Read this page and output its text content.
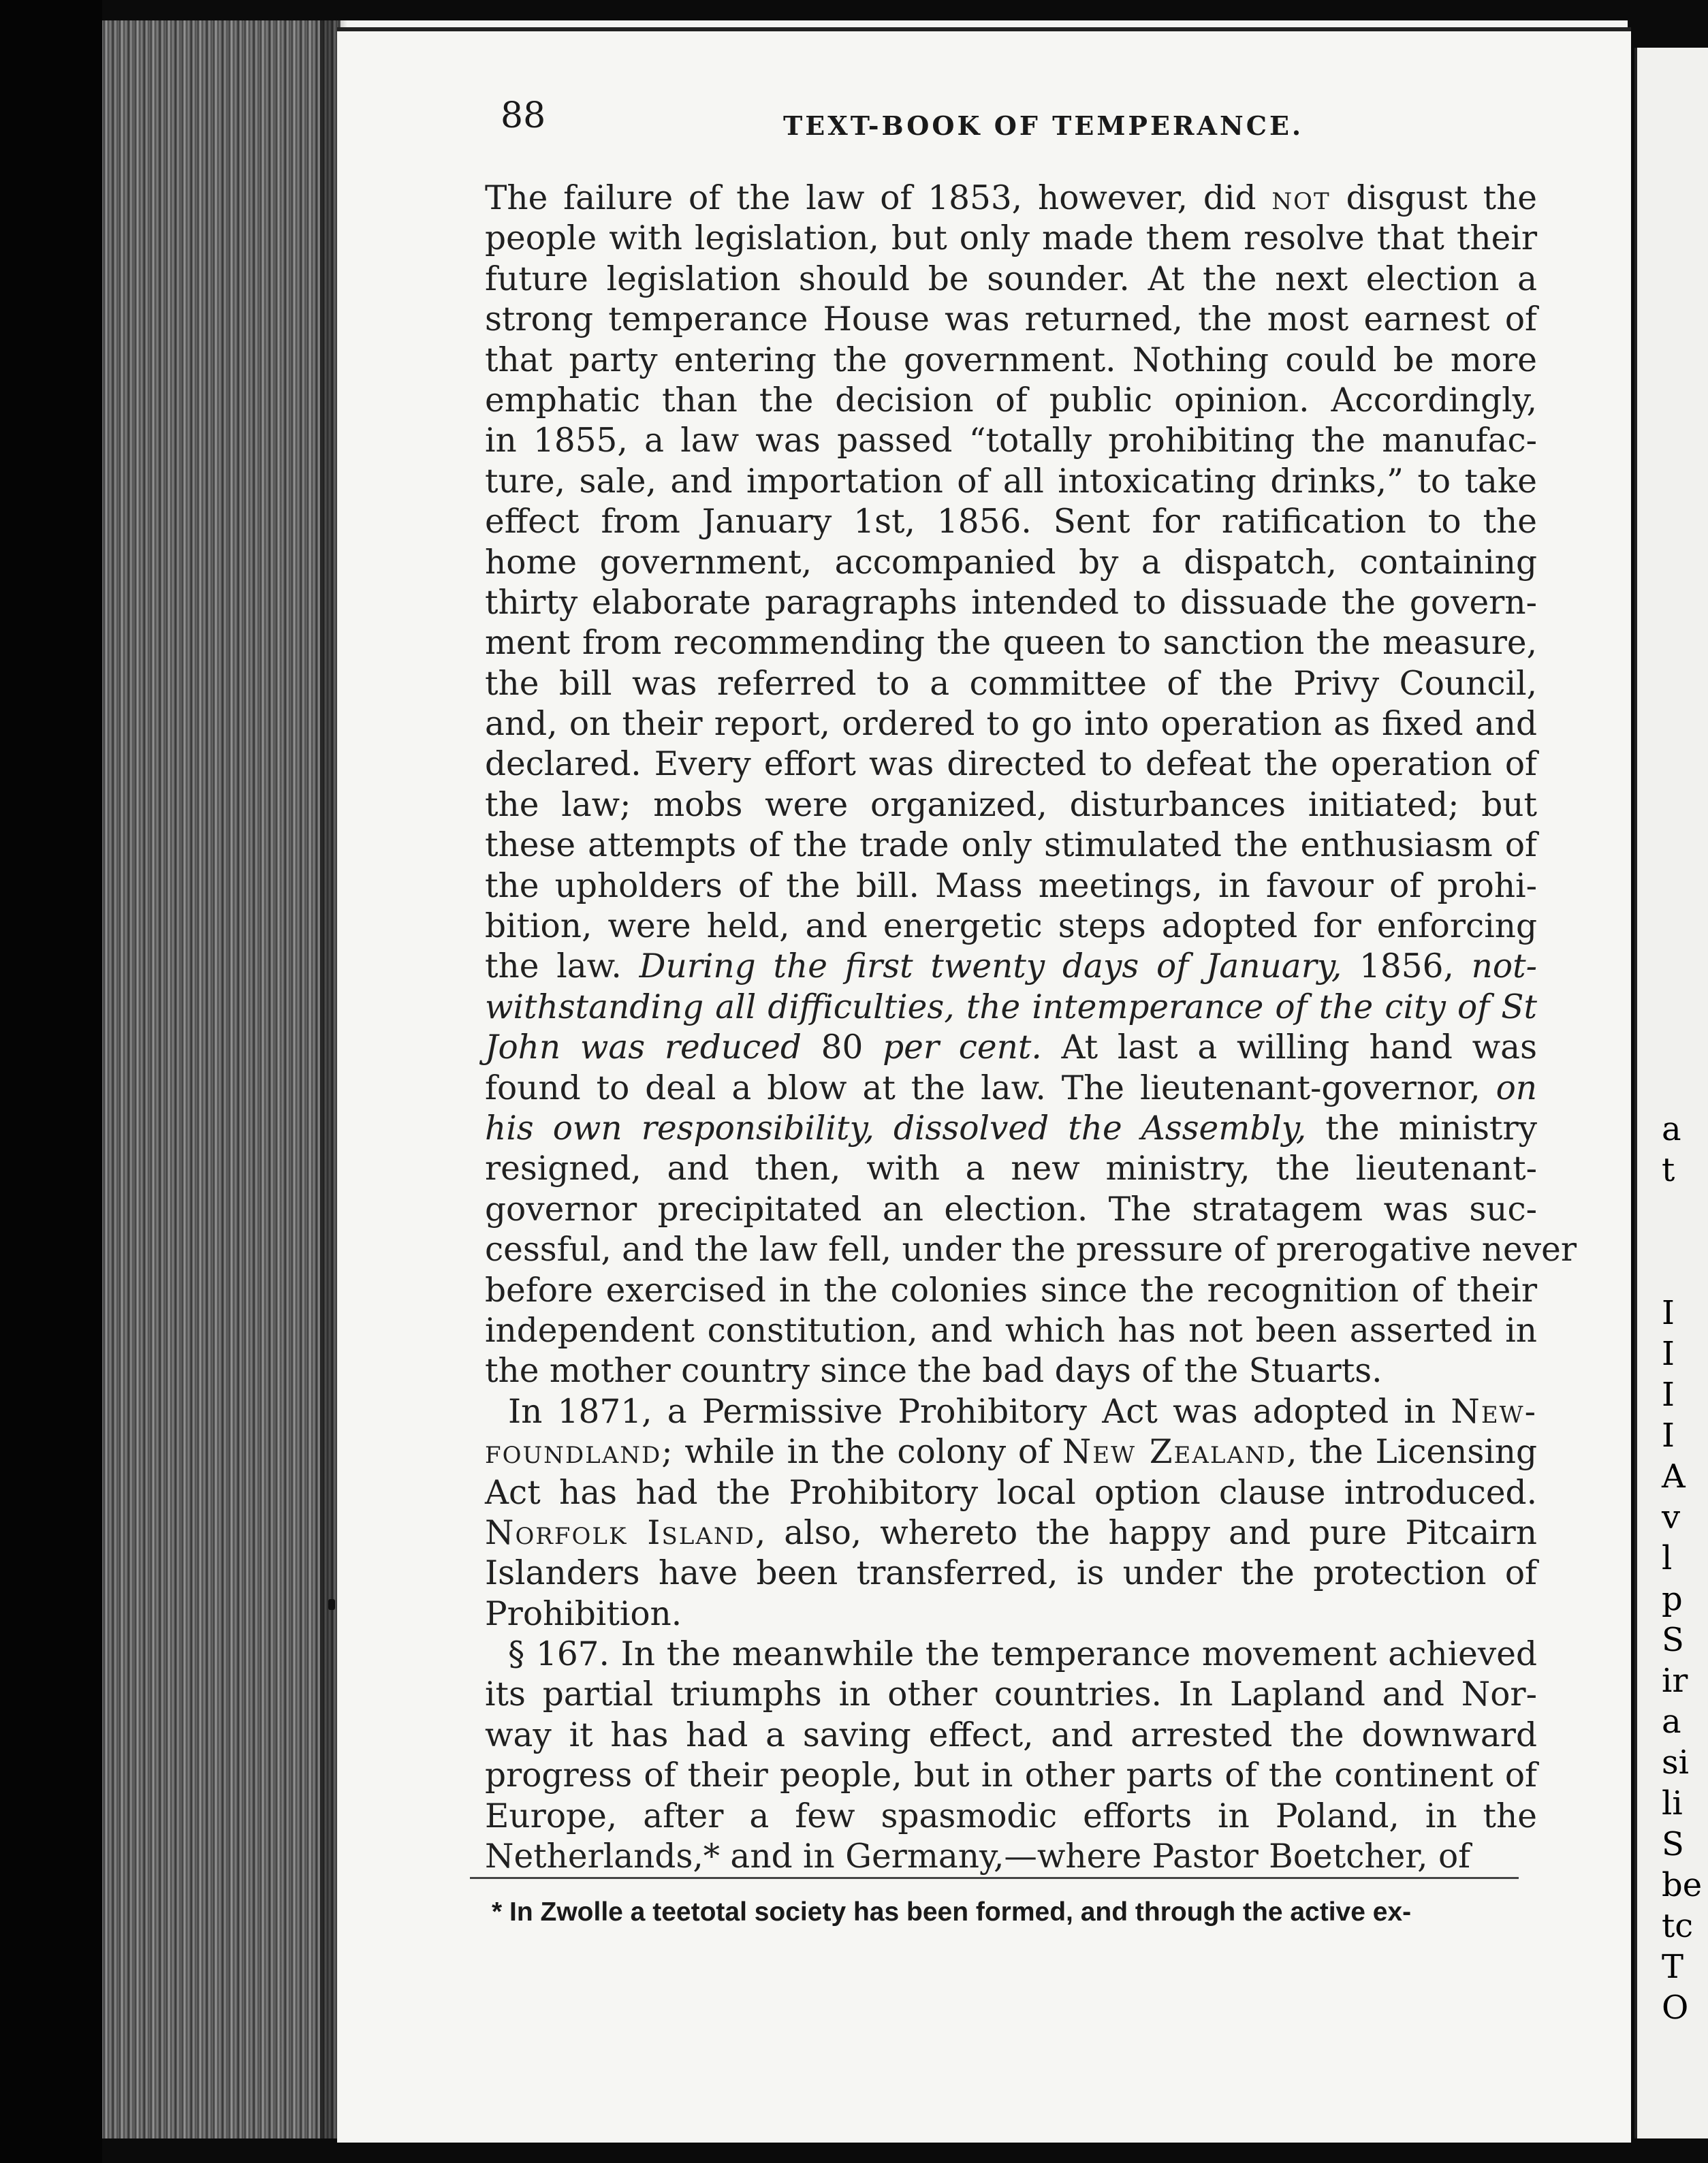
a
t
I
I
I
I
A
v
l
p
S
ir
a
si
li
S
be
tc
T
O
88	TEXT-BOOK OF TEMPERANCE.
The failure of the law of 1853, however, did not disgust the
people with legislation, but only made them resolve that their
future legislation should be sounder. At the next election a
strong temperance House was returned, the most earnest of
that party entering the government. Nothing could be more
emphatic than the decision of public opinion. Accordingly,
in 1855, a law was passed “totally prohibiting the manufac-
ture, sale, and importation of all intoxicating drinks,” to take
effect from January 1st, 1856. Sent for ratification to the
home government, accompanied by a dispatch, containing
thirty elaborate paragraphs intended to dissuade the govern-
ment from recommending the queen to sanction the measure,
the bill was referred to a committee of the Privy Council,
and, on their report, ordered to go into operation as fixed and
declared. Every effort was directed to defeat the operation of
the law; mobs were organized, disturbances initiated; but
these attempts of the trade only stimulated the enthusiasm of
the upholders of the bill. Mass meetings, in favour of prohi-
bition, were held, and energetic steps adopted for enforcing
the law. During the first twenty days of January, 1856, not-
withstanding all difficulties, the intemperance of the city of St
John was reduced 80 per cent. At last a willing hand was
found to deal a blow at the law. The lieutenant-governor, on
his own responsibility, dissolved the Assembly, the ministry
resigned, and then, with a new ministry, the lieutenant-
governor precipitated an election. The stratagem was suc-
cessful, and the law fell, under the pressure of prerogative never
before exercised in the colonies since the recognition of their
independent constitution, and which has not been asserted in
the mother country since the bad days of the Stuarts.
In 1871, a Permissive Prohibitory Act was adopted in New-
foundland; while in the colony of New Zealand, the Licensing
Act has had the Prohibitory local option clause introduced.
Norfolk Island, also, whereto the happy and pure Pitcairn
Islanders have been transferred, is under the protection of
Prohibition.
§ 167. In the meanwhile the temperance movement achieved
its partial triumphs in other countries. In Lapland and Nor-
way it has had a saving effect, and arrested the downward
progress of their people, but in other parts of the continent of
Europe, after a few spasmodic efforts in Poland, in the
Netherlands,* and in Germany,—where Pastor Boetcher, of
* In Zwolle a teetotal society has been formed, and through the active ex-
